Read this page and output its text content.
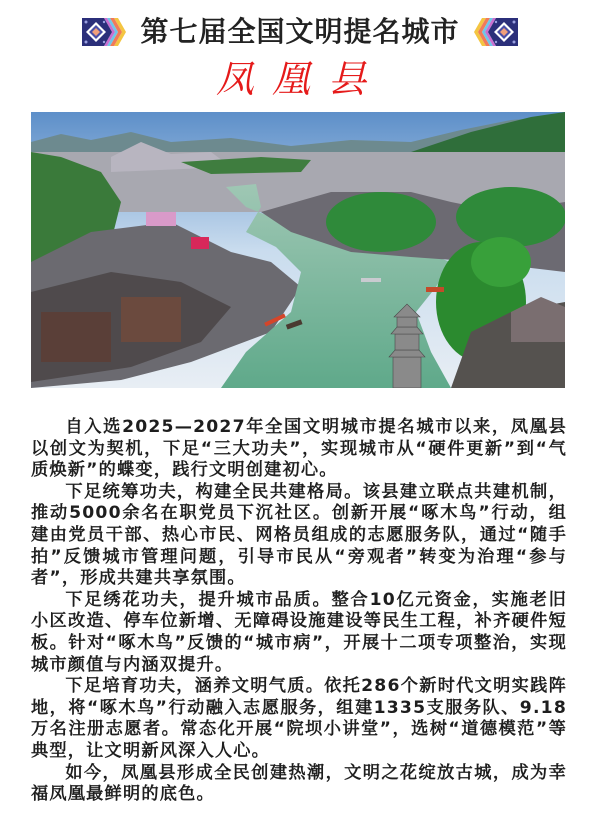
第七届全国文明提名城市
凤凰县

自入选2025—2027年全国文明城市提名城市以来，凤凰县以创文为契机，下足“三大功夫”，实现城市从“硬件更新”到“气质焕新”的蝶变，践行文明创建初心。

下足统筹功夫，构建全民共建格局。该县建立联点共建机制，推动5000余名在职党员下沉社区。创新开展“啄木鸟”行动，组建由党员干部、热心市民、网格员组成的志愿服务队，通过“随手拍”反馈城市管理问题，引导市民从“旁观者”转变为治理“参与者”，形成共建共享氛围。

下足绣花功夫，提升城市品质。整合10亿元资金，实施老旧小区改造、停车位新增、无障碍设施建设等民生工程，补齐硬件短板。针对“啄木鸟”反馈的“城市病”，开展十二项专项整治，实现城市颜值与内涵双提升。

下足培育功夫，涵养文明气质。依托286个新时代文明实践阵地，将“啄木鸟”行动融入志愿服务，组建1335支服务队、9.18万名注册志愿者。常态化开展“院坝小讲堂”，选树“道德模范”等典型，让文明新风深入人心。

如今，凤凰县形成全民创建热潮，文明之花绽放古城，成为幸福凤凰最鲜明的底色。
